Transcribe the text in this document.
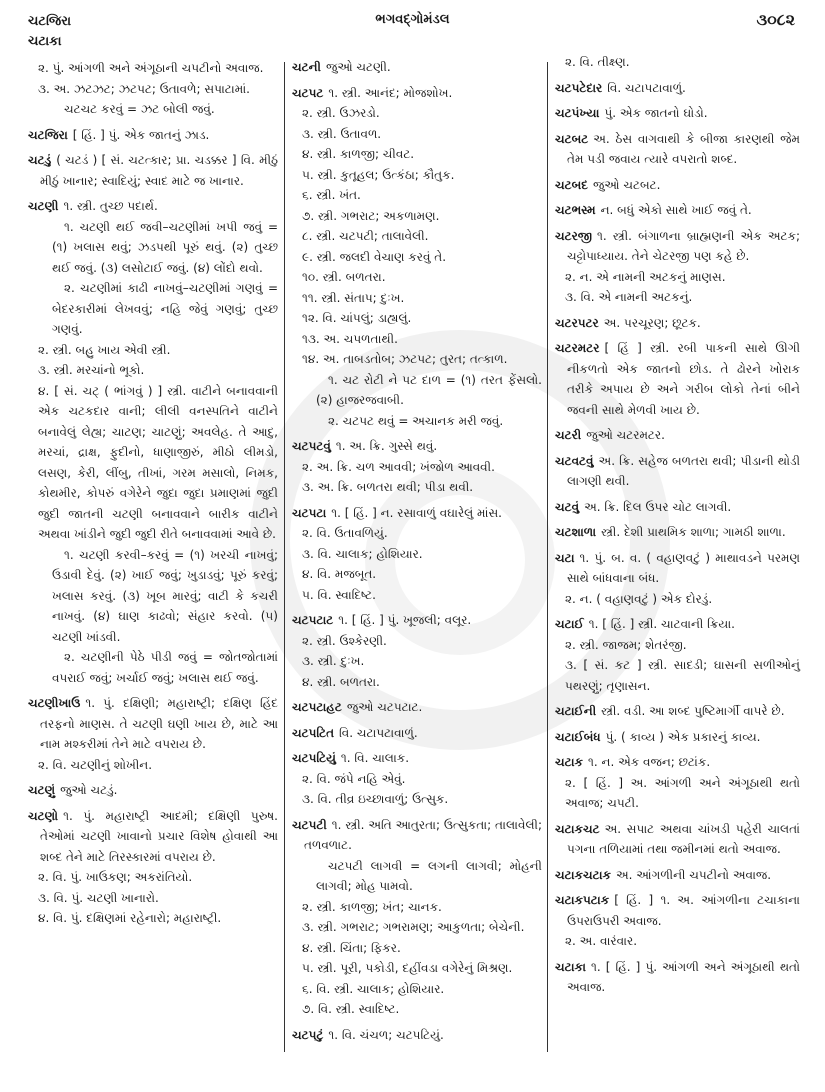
ચટજિરા
ચટાકા
ભગવદ્ગોમંડલ	૩૦૮૨
૨. પું. આંગળી અને અંગૂઠાની ચપટીનો અવાજ.
૩. અ. ઝટઝટ; ઝટપટ; ઉતાવળે; સપાટામાં.
ચટચટ કરવું = ઝટ બોલી જવું.
ચટજિરા [ હિં. ] પું. એક જાતનું ઝાડ.
ચટડું ( ચટડં ) [ સં. ચટત્કાર; પ્રા. ચડક્કર ] વિ. મીઠું મીઠું ખાનાર; સ્વાદિયું; સ્વાદ માટે જ ખાનાર.
ચટણી ૧. સ્ત્રી. તુચ્છ પદાર્થ.
૧. ચટણી થઈ જવી–ચટણીમાં ખપી જવું = (૧) ખલાસ થવું; ઝડપથી પૂરું થવું. (૨) તુચ્છ થઈ જવું. (૩) લસોટાઈ જવું. (૪) લોંદો થવો.
૨. ચટણીમાં કાઢી નાખવું–ચટણીમાં ગણવું = બેદરકારીમાં લેખવવું; નહિ જેવું ગણવું; તુચ્છ ગણવું.
૨. સ્ત્રી. બહુ ખાય એવી સ્ત્રી.
૩. સ્ત્રી. મરચાંનો ભૂકો.
૪. [ સં. ચટ્ ( ભાંગવું ) ] સ્ત્રી. વાટીને બનાવવાની એક ચટકદાર વાની; લીલી વનસ્પતિને વાટીને બનાવેલું લેહ્ય; ચાટણ; ચાટણું; અવલેહ. તે આદુ, મરચાં, દ્રાક્ષ, ફુદીનો, ધાણાજીરું, મીઠો લીમડો, લસણ, કેરી, લીંબુ, તીખાં, ગરમ મસાલો, નિમક, કોથમીર, કોપરું વગેરેને જુદા જુદા પ્રમાણમાં જુદી જુદી જાતની ચટણી બનાવવાને બારીક વાટીને અથવા ખાંડીને જુદી જુદી રીતે બનાવવામાં આવે છે.
૧. ચટણી કરવી–કરવું = (૧) ખરચી નાખવું; ઉડાવી દેવું. (૨) ખાઈ જવું; ખુડાડવું; પૂરું કરવું; ખલાસ કરવું. (૩) ખૂબ મારવું; વાટી કે કચરી નાખવું. (૪) ઘાણ કાઢવો; સંહાર કરવો. (૫) ચટણી ખાંડવી.
૨. ચટણીની પેઠે પીડી જવું = જોતજોતામાં વપરાઈ જવું; ખર્ચાઈ જવું; ખલાસ થઈ જવું.
ચટણીખાઉ ૧. પું. દક્ષિણી; મહારાષ્ટ્રી; દક્ષિણ હિંદ તરફનો માણસ. તે ચટણી ઘણી ખાય છે, માટે આ નામ મશ્કરીમાં તેને માટે વપરાય છે.
૨. વિ. ચટણીનું શોખીન.
ચટણું જુઓ ચટડું.
ચટણો ૧. પું. મહારાષ્ટ્રી આદમી; દક્ષિણી પુરુષ. તેઓમાં ચટણી ખાવાનો પ્રચાર વિશેષ હોવાથી આ શબ્દ તેને માટે તિરસ્કારમાં વપરાય છે.
૨. વિ. પું. ખાઉકણ; અકરાંતિયો.
૩. વિ. પું. ચટણી ખાનારો.
૪. વિ. પું. દક્ષિણમાં રહેનારો; મહારાષ્ટ્રી.
ચટની જુઓ ચટણી.
ચટપટ ૧. સ્ત્રી. આનંદ; મોજશોખ.
૨. સ્ત્રી. ઉઝરડો.
૩. સ્ત્રી. ઉતાવળ.
૪. સ્ત્રી. કાળજી; ચીવટ.
૫. સ્ત્રી. કુતૂહલ; ઉત્કંઠા; કૌતુક.
૬. સ્ત્રી. ખંત.
૭. સ્ત્રી. ગભરાટ; અકળામણ.
૮. સ્ત્રી. ચટપટી; તાલાવેલી.
૯. સ્ત્રી. જલદી વેચાણ કરવું તે.
૧૦. સ્ત્રી. બળતરા.
૧૧. સ્ત્રી. સંતાપ; દુઃખ.
૧૨. વિ. ચાંપલું; ડાહ્યલું.
૧૩. અ. ચપળતાથી.
૧૪. અ. તાબડતોબ; ઝટપટ; તુરત; તત્કાળ.
૧. ચટ રોટી ને પટ દાળ = (૧) તરત ફેંસલો. (૨) હાજરજવાબી.
૨. ચટપટ થવું = અચાનક મરી જવું.
ચટપટવું ૧. અ. ક્રિ. ગુસ્સે થવું.
૨. અ. ક્રિ. ચળ આવવી; ખંજોળ આવવી.
૩. અ. ક્રિ. બળતરા થવી; પીડા થવી.
ચટપટા ૧. [ હિં. ] ન. રસાવાળું વઘારેલું માંસ.
૨. વિ. ઉતાવળિયું.
૩. વિ. ચાલાક; હોશિયાર.
૪. વિ. મજબૂત.
૫. વિ. સ્વાદિષ્ટ.
ચટપટાટ ૧. [ હિં. ] પું. ખૂજલી; વલૂર.
૨. સ્ત્રી. ઉશ્કેરણી.
૩. સ્ત્રી. દુઃખ.
૪. સ્ત્રી. બળતરા.
ચટપટાહટ જુઓ ચટપટાટ.
ચટપટિત વિ. ચટાપટાવાળું.
ચટપટિયું ૧. વિ. ચાલાક.
૨. વિ. જંપે નહિ એવું.
૩. વિ. તીવ્ર ઇચ્છાવાળું; ઉત્સુક.
ચટપટી ૧. સ્ત્રી. અતિ આતુરતા; ઉત્સુકતા; તાલાવેલી; તળવળાટ.
ચટપટી લાગવી = લગની લાગવી; મોહની લાગવી; મોહ પામવો.
૨. સ્ત્રી. કાળજી; ખંત; ચાનક.
૩. સ્ત્રી. ગભરાટ; ગભરામણ; આકુળતા; બેચેની.
૪. સ્ત્રી. ચિંતા; ફિકર.
૫. સ્ત્રી. પૂરી, પકોડી, દહીંવડા વગેરેનું મિશ્રણ.
૬. વિ. સ્ત્રી. ચાલાક; હોશિયાર.
૭. વિ. સ્ત્રી. સ્વાદિષ્ટ.
ચટપટું ૧. વિ. ચંચળ; ચટપટિયું.
૨. વિ. તીક્ષ્ણ.
ચટપટેદાર વિ. ચટાપટાવાળું.
ચટપંખ્યા પું. એક જાતનો ઘોડો.
ચટબટ અ. ઠેસ વાગવાથી કે બીજા કારણથી જેમ તેમ પડી જવાય ત્યારે વપરાતો શબ્દ.
ચટબદ જુઓ ચટબટ.
ચટભસ્મ ન. બધું એકો સાથે ખાઈ જવું તે.
ચટરજી ૧. સ્ત્રી. બંગાળના બ્રાહ્મણની એક અટક; ચટ્ટોપાધ્યાય. તેને ચેટરજી પણ કહે છે.
૨. ન. એ નામની અટકનું માણસ.
૩. વિ. એ નામની અટકનું.
ચટરપટર અ. પરચૂરણ; છૂટક.
ચટરમટર [ હિં ] સ્ત્રી. રબી પાકની સાથે ઊગી નીકળતો એક જાતનો છોડ. તે ઢોરને ખોરાક તરીકે અપાય છે અને ગરીબ લોકો તેનાં બીને જવની સાથે મેળવી ખાય છે.
ચટરી જુઓ ચટરમટર.
ચટવટવું અ. ક્રિ. સહેજ બળતરા થવી; પીડાની થોડી લાગણી થવી.
ચટવું અ. ક્રિ. દિલ ઉપર ચોટ લાગવી.
ચટશાળા સ્ત્રી. દેશી પ્રાથમિક શાળા; ગામઠી શાળા.
ચટા ૧. પું. બ. વ. ( વહાણવટું ) માથાવડને પરમણ સાથે બાંધવાના બંધ.
૨. ન. ( વહાણવટું ) એક દોરડું.
ચટાઈ ૧. [ હિં. ] સ્ત્રી. ચાટવાની ક્રિયા.
૨. સ્ત્રી. જાજમ; શેતરંજી.
૩. [ સં. કટ ] સ્ત્રી. સાદડી; ઘાસની સળીઓનું પથરણું; તૃણાસન.
ચટાઈની સ્ત્રી. વડી. આ શબ્દ પુષ્ટિમાર્ગી વાપરે છે.
ચટાઈબંધ પું. ( કાવ્ય ) એક પ્રકારનું કાવ્ય.
ચટાક ૧. ન. એક વજન; છટાંક.
૨. [ હિં. ] અ. આંગળી અને અંગૂઠાથી થતો અવાજ; ચપટી.
ચટાકચટ અ. સપાટ અથવા ચાંખડી પહેરી ચાલતાં પગના તળિયામાં તથા જમીનમાં થતો અવાજ.
ચટાકચટાક અ. આંગળીની ચપટીનો અવાજ.
ચટાકપટાક [ હિં. ] ૧. અ. આંગળીના ટચાકાના ઉપરાઉપરી અવાજ.
૨. અ. વારંવાર.
ચટાકા ૧. [ હિં. ] પું. આંગળી અને અંગૂઠાથી થતો અવાજ.
